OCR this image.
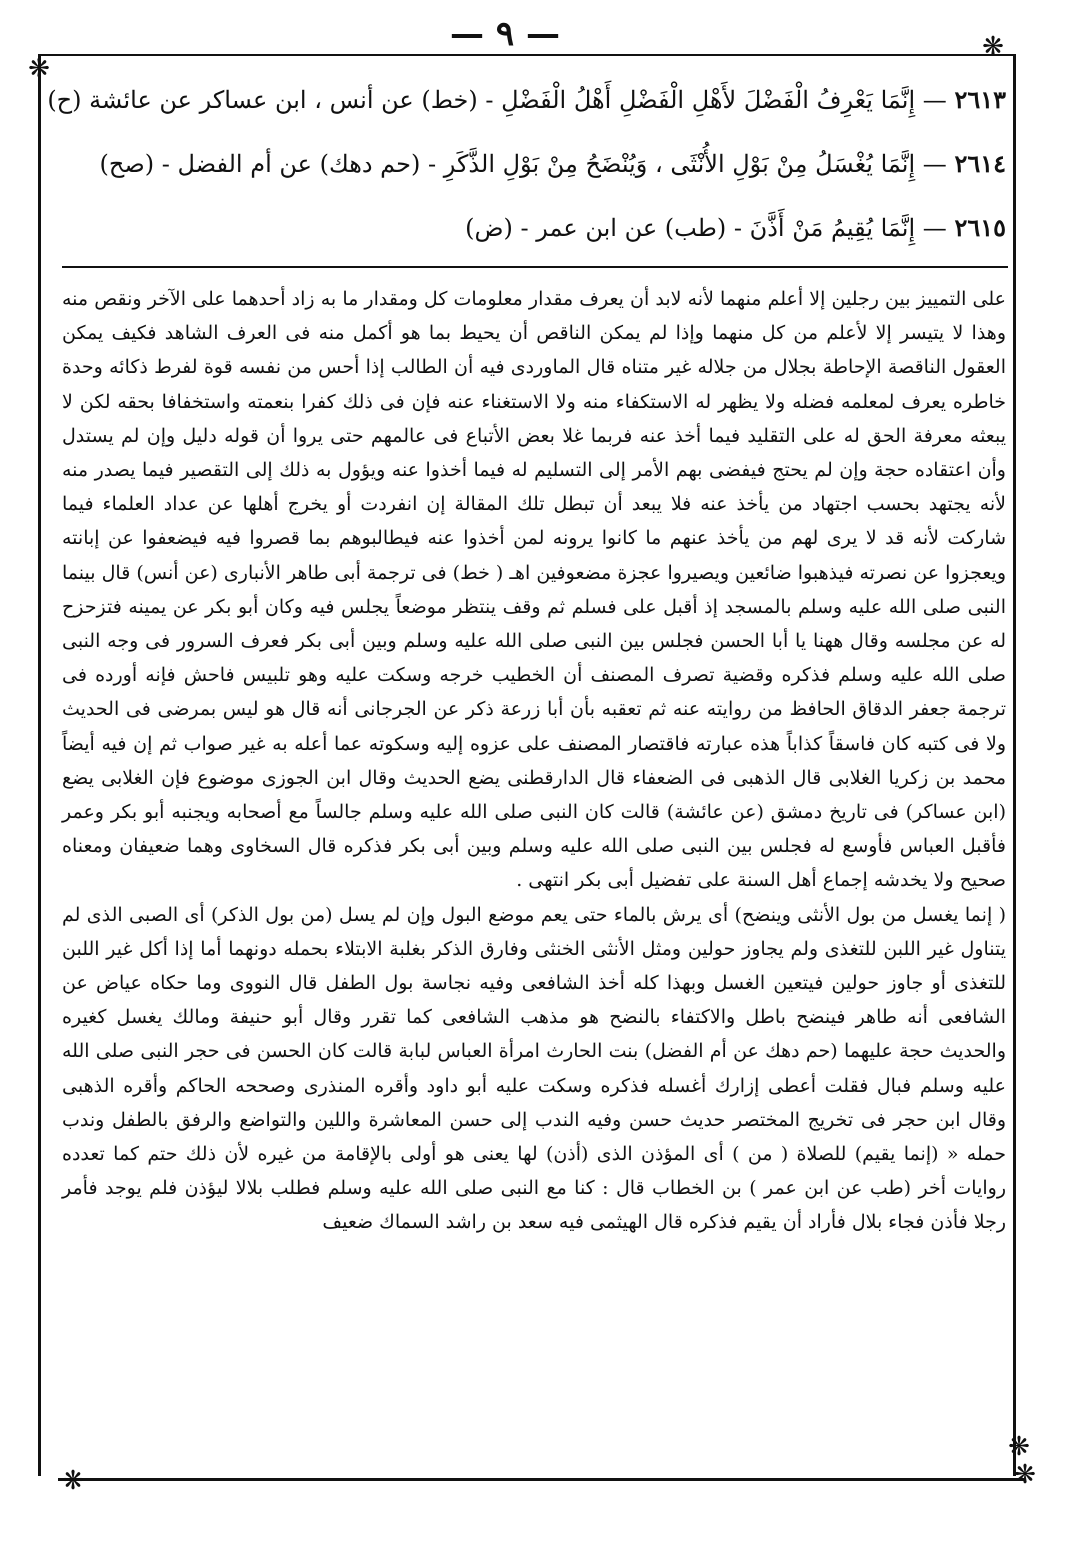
— ٩ —
❋
❋
❋
❋
❋
٢٦١٣ — إِنَّمَا يَعْرِفُ الْفَضْلَ لأَهْلِ الْفَضْلِ أَهْلُ الْفَضْلِ - (خط) عن أنس ، ابن عساكر عن عائشة (ح)
٢٦١٤ — إِنَّمَا يُغْسَلُ مِنْ بَوْلِ الأُنْثَى ، وَيُنْضَحُ مِنْ بَوْلِ الذَّكَرِ - (حم دهك) عن أم الفضل - (صح)
٢٦١٥ — إِنَّمَا يُقِيمُ مَنْ أَذَّنَ - (طب) عن ابن عمر - (ض)

على التمييز بين رجلين إلا أعلم منهما لأنه لابد أن يعرف مقدار معلومات كل ومقدار ما به زاد أحدهما على الآخر ونقص منه وهذا لا يتيسر إلا لأعلم من كل منهما وإذا لم يمكن الناقص أن يحيط بما هو أكمل منه فى العرف الشاهد فكيف يمكن العقول الناقصة الإحاطة بجلال من جلاله غير متناه قال الماوردى فيه أن الطالب إذا أحس من نفسه قوة لفرط ذكائه وحدة خاطره يعرف لمعلمه فضله ولا يظهر له الاستكفاء منه ولا الاستغناء عنه فإن فى ذلك كفرا بنعمته واستخفافا بحقه لكن لا يبعثه معرفة الحق له على التقليد فيما أخذ عنه فربما غلا بعض الأتباع فى عالمهم حتى يروا أن قوله دليل وإن لم يستدل وأن اعتقاده حجة وإن لم يحتج فيفضى بهم الأمر إلى التسليم له فيما أخذوا عنه ويؤول به ذلك إلى التقصير فيما يصدر منه لأنه يجتهد بحسب اجتهاد من يأخذ عنه فلا يبعد أن تبطل تلك المقالة إن انفردت أو يخرج أهلها عن عداد العلماء فيما شاركت لأنه قد لا يرى لهم من يأخذ عنهم ما كانوا يرونه لمن أخذوا عنه فيطالبوهم بما قصروا فيه فيضعفوا عن إبانته ويعجزوا عن نصرته فيذهبوا ضائعين ويصيروا عجزة مضعوفين اهـ ( خط) فى ترجمة أبى طاهر الأنبارى (عن أنس) قال بينما النبى صلى الله عليه وسلم بالمسجد إذ أقبل على فسلم ثم وقف ينتظر موضعاً يجلس فيه وكان أبو بكر عن يمينه فتزحزح له عن مجلسه وقال ههنا يا أبا الحسن فجلس بين النبى صلى الله عليه وسلم وبين أبى بكر فعرف السرور فى وجه النبى صلى الله عليه وسلم فذكره وقضية تصرف المصنف أن الخطيب خرجه وسكت عليه وهو تلبيس فاحش فإنه أورده فى ترجمة جعفر الدقاق الحافظ من روايته عنه ثم تعقبه بأن أبا زرعة ذكر عن الجرجانى أنه قال هو ليس بمرضى فى الحديث ولا فى كتبه كان فاسقاً كذاباً هذه عبارته فاقتصار المصنف على عزوه إليه وسكوته عما أعله به غير صواب ثم إن فيه أيضاً محمد بن زكريا الغلابى قال الذهبى فى الضعفاء قال الدارقطنى يضع الحديث وقال ابن الجوزى موضوع فإن الغلابى يضع (ابن عساكر) فى تاريخ دمشق (عن عائشة) قالت كان النبى صلى الله عليه وسلم جالساً مع أصحابه ويجنبه أبو بكر وعمر فأقبل العباس فأوسع له فجلس بين النبى صلى الله عليه وسلم وبين أبى بكر فذكره قال السخاوى وهما ضعيفان ومعناه صحيح ولا يخدشه إجماع أهل السنة على تفضيل أبى بكر انتهى .

( إنما يغسل من بول الأنثى وينضح) أى يرش بالماء حتى يعم موضع البول وإن لم يسل (من بول الذكر) أى الصبى الذى لم يتناول غير اللبن للتغذى ولم يجاوز حولين ومثل الأنثى الخنثى وفارق الذكر بغلبة الابتلاء بحمله دونهما أما إذا أكل غير اللبن للتغذى أو جاوز حولين فيتعين الغسل وبهذا كله أخذ الشافعى وفيه نجاسة بول الطفل قال النووى وما حكاه عياض عن الشافعى أنه طاهر فينضح باطل والاكتفاء بالنضح هو مذهب الشافعى كما تقرر وقال أبو حنيفة ومالك يغسل كغيره والحديث حجة عليهما (حم دهك عن أم الفضل) بنت الحارث امرأة العباس لبابة قالت كان الحسن فى حجر النبى صلى الله عليه وسلم فبال فقلت أعطى إزارك أغسله فذكره وسكت عليه أبو داود وأقره المنذرى وصححه الحاكم وأقره الذهبى وقال ابن حجر فى تخريج المختصر حديث حسن وفيه الندب إلى حسن المعاشرة واللين والتواضع والرفق بالطفل وندب حمله « (إنما يقيم) للصلاة ( من ) أى المؤذن الذى (أذن) لها يعنى هو أولى بالإقامة من غيره لأن ذلك حتم كما تعدده روايات أخر (طب عن ابن عمر ) بن الخطاب قال : كنا مع النبى صلى الله عليه وسلم فطلب بلالا ليؤذن فلم يوجد فأمر رجلا فأذن فجاء بلال فأراد أن يقيم فذكره قال الهيثمى فيه سعد بن راشد السماك ضعيف
